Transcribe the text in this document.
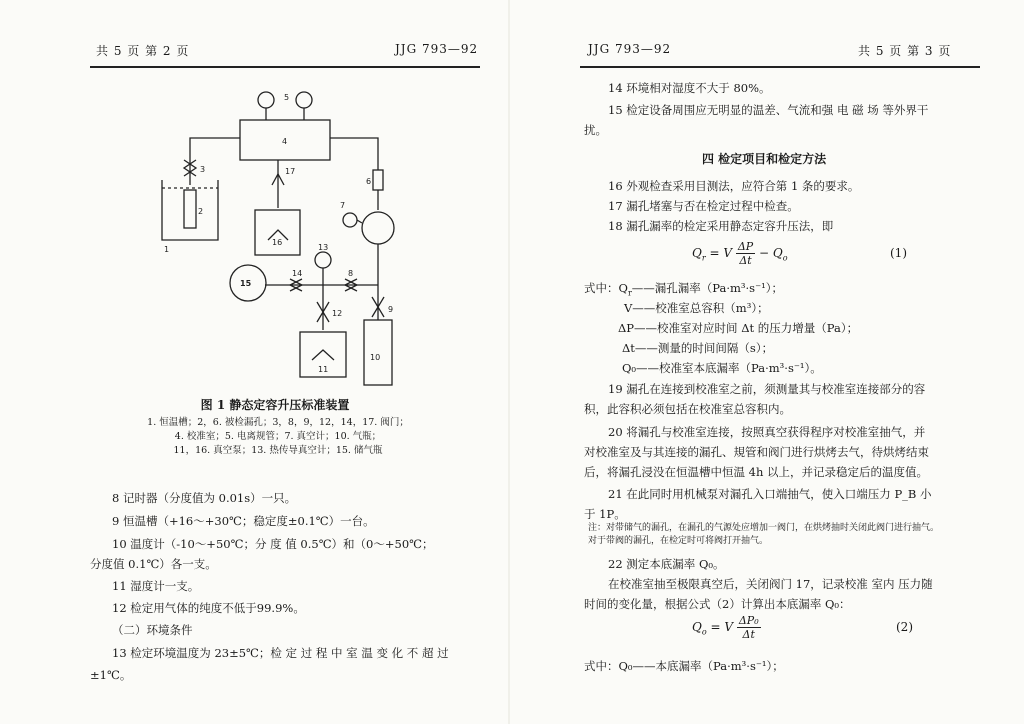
共 5 页 第 2 页	JJG 793—92
5
4
3
2
1
6
7
17
16
15
13
14	8
12	9
11
10
图 1 静态定容升压标准装置
1. 恒温槽；2，6. 被检漏孔；3，8，9，12，14，17. 阀门；
4. 校准室；5. 电离规管；7. 真空计；10. 气瓶；
11，16. 真空泵；13. 热传导真空计；15. 储气瓶
8 记时器（分度值为 0.01s）一只。
9 恒温槽（+16～+30℃；稳定度±0.1℃）一台。
10 温度计（-10～+50℃；分 度 值 0.5℃）和（0～+50℃；
分度值 0.1℃）各一支。
11 湿度计一支。
12 检定用气体的纯度不低于99.9%。
（二）环境条件
13 检定环境温度为 23±5℃；检 定 过 程 中 室 温 变 化 不 超 过
±1℃。
JJG 793—92	共 5 页 第 3 页
14 环境相对湿度不大于 80%。
15 检定设备周围应无明显的温差、气流和强 电 磁 场 等外界干
扰。
四 检定项目和检定方法
16 外观检查采用目测法，应符合第 1 条的要求。
17 漏孔堵塞与否在检定过程中检查。
18 漏孔漏率的检定采用静态定容升压法，即
$Q_r = V \frac{\Delta P}{\Delta t} - Q_o$	(1)
式中：$Q_r——$漏孔漏率（Pa·m³·s⁻¹）；
V——校准室总容积（m³）；
ΔP——校准室对应时间 Δt 的压力增量（Pa）；
Δt——测量的时间间隔（s）；
Q₀——校准室本底漏率（Pa·m³·s⁻¹）。
19 漏孔在连接到校准室之前，须测量其与校准室连接部分的容
积，此容积必须包括在校准室总容积内。
20 将漏孔与校准室连接，按照真空获得程序对校准室抽气，并
对校准室及与其连接的漏孔、規管和阀门进行烘烤去气，待烘烤结束
后，将漏孔浸没在恒温槽中恒温 4h 以上，并记录稳定后的温度值。
21 在此同时用机械泵对漏孔入口端抽气，使入口端压力 P_B 小
于 1P。
注：对带储气的漏孔，在漏孔的气源处应增加一阀门，在烘烤抽时关闭此阀门进行抽气。
对于带阀的漏孔，在检定时可将阀打开抽气。
22 测定本底漏率 Q₀。
在校准室抽至极限真空后，关闭阀门 17，记录校准 室内 压力随
时间的变化量，根据公式（2）计算出本底漏率 Q₀：
$Q_o = V \frac{\text{ΔP₀}}{\Delta t}$	(2)
式中：Q₀——本底漏率（Pa·m³·s⁻¹）；
